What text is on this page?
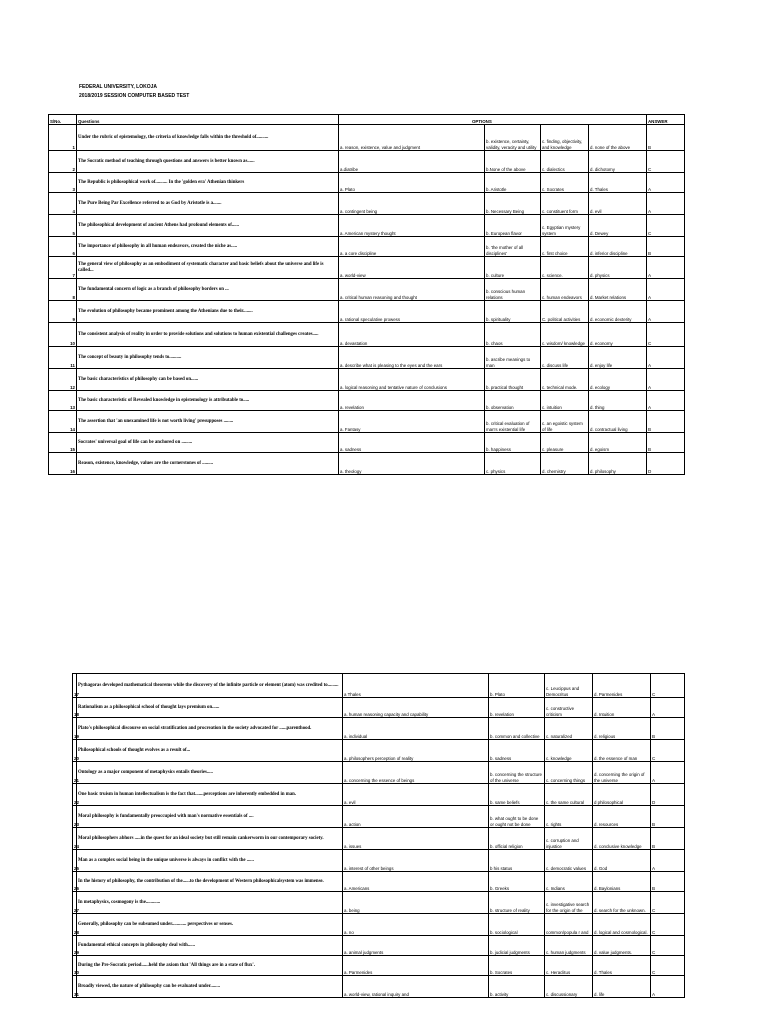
FEDERAL UNIVERSITY, LOKOJA
2018/2019 SESSION COMPUTER BASED TEST
S/No.	Questions	OPTIONS				ANSWER
1	Under the rubric of epistemology, the criteria of knowledge falls within the threshold of..........	a. reason, existence, value and judgment	b. existence, certainty, validity, veracity and utility	c. finding, objectivity, and knowledge	d. none of the above	B
2	The Socratic method of teaching through questions and answers is better known as......	a.diatribe	b.None of the above	c. dialectics	d. dichotomy	C
3	The Republic is philosophical work of.......... In the 'golden era' Athenian thinkers	a. Plato	b. Aristotle	c. Socrates	d. Thales	A
4	The Pure Being Par Excellence referred to as God by Aristotle is a.......	a. contingent being	b. Necessary Being	c. constituent form	d. evil	A
5	The philosophical development of ancient Athens had profound elements of......	a. American mystery thought	b. European flavor	c. Egyptian mystery system	d. Dewey	C
6	The importance of philosophy in all human endeavors, created the niche as.....	a. a core discipline	b. 'the mother of all disciplines'	c. first choice	d. inferior discipline	B
7	The general view of philosophy as an embodiment of systematic character and basic beliefs about the universe and life is called...	a. world-view	b. culture	c. science.	d. physics	A
8	The fundamental concern of logic as a branch of philosophy borders on ...	a. critical human reasoning and thought	b. conscious human relations	c. human endeavors	d. Market relations	A
9	The evolution of philosophy became prominent among the Athenians due to their........	a. rational speculative prowess	b. spirituality	C. political activities	d. economic dexterity	A
10	The consistent analysis of reality in order to provide solutions and solutions to human existential challenges creates.....	a. devastation	b. chaos	c. wisdom/ knowledge	d. economy	C
11	The concept of beauty in philosophy tends to..........	a. describe what is pleasing to the eyes and the ears	b. ascribe meanings to man	c. discuss life	d. enjoy life	A
12	The basic characteristics of philosophy can be based on......	a. logical reasoning and tentative nature of conclusions	b. practical thought	c. technical mode.	d. ecology	A
13	The basic characteristic of Revealed knowledge in epistemology is attributable to.....	a. revelation	b. observation	c. intuition	d. thing	A
14	The assertion that 'an unexamined life is not worth living' presupposes ........	a. Fantasy	b. critical evaluation of man's existential life	c. an egoistic system of life	d. contractual living	B
15	Socrates' universal goal of life can be anchored on .........	a. sadness	b. happiness	c. pleasure	d. egoism	B
16	Reason, existence, knowledge, values are the cornerstones of .........	a. theology	c. physics	d. chemistry	d. philosophy	D
17	Pythagoras developed mathematical theorems while the discovery of the infinite particle or element (atom) was credited to.........	a Thales	b. Plato	c. Leucippus and Democritus	d. Parmenides	C
18	Rationalism as a philosophical school of thought lays premium on......	a. human reasoning capacity and capability	b. revelation	c. constructive criticism	d. Intuition	A
19	Plato's philosophical discourse on social stratification and procreation in the society advocated for ......parenthood.	a. individual	b. common and collective	c. naturalized	d. religious	B
20	Philosophical schools of thought evolves as a result of...	a. philosophers perception of reality	b. sadness	c. knowledge	d. the essence of man	C
21	Ontology as a major component of metaphysics entails theories.....	a. concerning the essence of beings	b. concerning the structure of the universe	c. concerning things	d. concerning the origin of the universe	A
22	One basic truism in human intellectualism is the fact that.......perceptions are inherently embedded in man.	a. evil	b. same beliefs	c. the same cultural	d philosophical	D
23	Moral philosophy is fundamentally preoccupied with man's normative essentials of ....	a. action	b. what ought to be done or ought not be done	c. rights	d. resources	B
24	Moral philosophers abhors .....in the quest for an ideal society but still remain cankerworm in our contemporary society.	a. issues	b. official religion	c. corruption and injustice	d. conclusive knowledge	B
25	Man as a complex social being in the unique universe is always in conflict with the ......	a. interest of other beings	b his status	c. democratic values	d. God	A
26	In the history of philosophy, the contribution of the......to the development of Western philosophicalsystem was immense.	a. Americans	b. Greeks	c. Indians	d. Baylonians	B
27	In metaphysics, cosmogony is the............	a. being	b. structure of reality	c. investigative search for the origin of the	d. search for the unknown.	C
28	Generally, philosophy can be subsumed under............ perspectives or senses.	a. no	b. sociological	common/popula r and	d. logical and cosmological.	C
29	Fundamental ethical concepts in philosophy deal with......	a. animal judgments	b. judicial judgments	c. human judgments	d. value judgments.	C
30	During the Pre-Socratic period......held the axiom that 'All things are in a state of flux'.	a. Parmenides	b. Socrates	c. Heraclitus	d. Thales	C
31	Broadly viewed, the nature of philosophy can be evaluated under........	a. world-view, rational inquiry and	b. activity	c. discussionary	d. life	A
